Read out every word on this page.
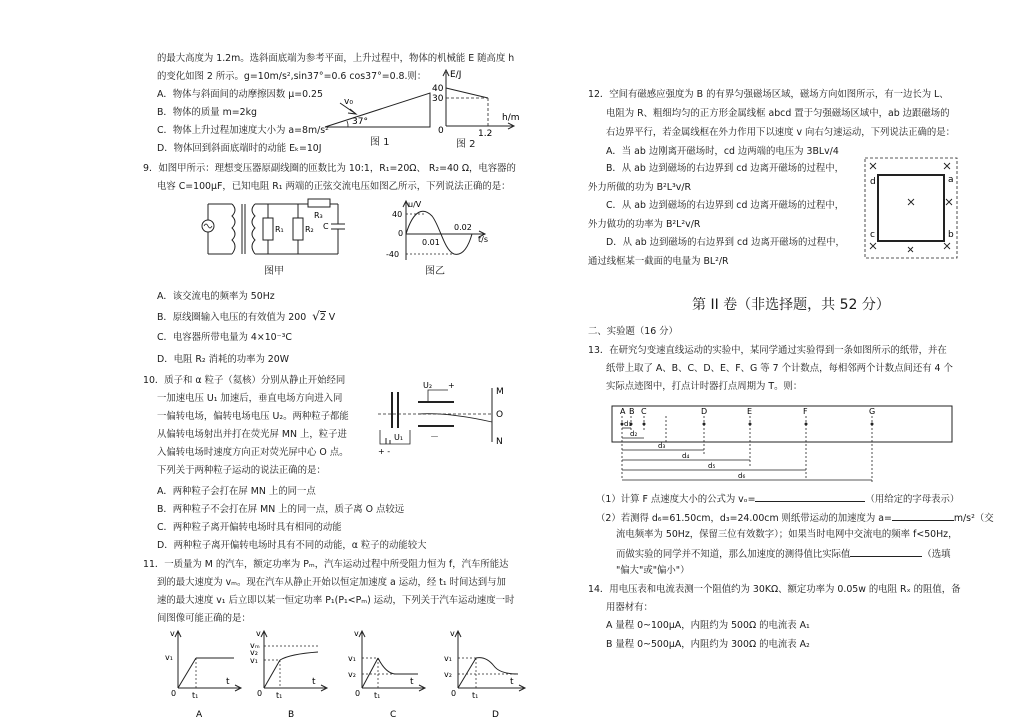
的最大高度为 1.2m。选斜面底端为参考平面，上升过程中，物体的机械能 E 随高度 h
的变化如图 2 所示。g=10m/s²,sin37°=0.6 cos37°=0.8.则：
A．物体与斜面间的动摩擦因数 μ=0.25
B．物体的质量 m=2kg
C．物体上升过程加速度大小为 a=8m/s²
D．物体回到斜面底端时的动能 Eₖ=10J
v₀
37°
图 1
E/J
40
30
0	1.2
h/m
图 2
9．如图甲所示：理想变压器原副线圈的匝数比为 10:1，R₁=20Ω、 R₂=40 Ω，电容器的
电容 C=100μF，已知电阻 R₁ 两端的正弦交流电压如图乙所示，下列说法正确的是：
R₁	R₂
R₃
C
图甲
u/V
40
-40
0
0.01
0.02
t/s
图乙
A．该交流电的频率为 50Hz
B．原线圈输入电压的有效值为 200 √2 V
C．电容器所带电量为 4×10⁻³C
D．电阻 R₂ 消耗的功率为 20W
10．质子和 α 粒子（氦核）分别从静止开始经同
一加速电压 U₁ 加速后，垂直电场方向进入同
一偏转电场，偏转电场电压 U₂。两种粒子都能
从偏转电场射出并打在荧光屏 MN 上，粒子进
入偏转电场时速度方向正对荧光屏中心 O 点。
下列关于两种粒子运动的说法正确的是：
U₂ +
－
U₁
+ -
M
O
N
A．两种粒子会打在屏 MN 上的同一点
B．两种粒子不会打在屏 MN 上的同一点，质子离 O 点较远
C．两种粒子离开偏转电场时具有相同的动能
D．两种粒子离开偏转电场时具有不同的动能，α 粒子的动能较大
11．一质量为 M 的汽车，额定功率为 Pₘ，汽车运动过程中所受阻力恒为 f，汽车所能达
到的最大速度为 vₘ。现在汽车从静止开始以恒定加速度 a 运动，经 t₁ 时间达到与加
速的最大速度 v₁ 后立即以某一恒定功率 P₁(P₁<Pₘ) 运动，下列关于汽车运动速度一时
间图像可能正确的是：
v
v₁
0 t₁
t
A
v
vₘ
v₂
v₁
0 t₁
t
B
v
v₁
v₂
0 t₁
t
C
v
v₁
v₂
0 t₁
t
D
12．空间有磁感应强度为 B 的有界匀强磁场区域，磁场方向如图所示，有一边长为 L、
电阻为 R、粗细均匀的正方形金属线框 abcd 置于匀强磁场区域中，ab 边跟磁场的
右边界平行，若金属线框在外力作用下以速度 v 向右匀速运动，下列说法正确的是：
A．当 ab 边刚离开磁场时，cd 边两端的电压为 3BLv/4
B．从 ab 边到磁场的右边界到 cd 边离开磁场的过程中，
外力所做的功为 B²L³v/R
C．从 ab 边到磁场的右边界到 cd 边离开磁场的过程中，
外力做功的功率为 B²L²v/R
D．从 ab 边到磁场的右边界到 cd 边离开磁场的过程中，
通过线框某一截面的电量为 BL²/R
d	a
c	b
第 II 卷（非选择题，共 52 分）
二、实验题（16 分）
13．在研究匀变速直线运动的实验中，某同学通过实验得到一条如图所示的纸带，并在
纸带上取了 A、B、C、D、E、F、G 等 7 个计数点，每相邻两个计数点间还有 4 个
实际点迹图中，打点计时器打点周期为 T。则：
A B C	D	E	F	G
d₁
d₂
d₃
d₄
d₅
d₆
（1）计算 F 点速度大小的公式为 vₒ=	（用给定的字母表示）
（2）若测得 d₆=61.50cm，d₃=24.00cm 则纸带运动的加速度为 a=	m/s²（交
流电频率为 50Hz，保留三位有效数字）；如果当时电网中交流电的频率 f<50Hz，
而做实验的同学并不知道，那么加速度的测得值比实际值	（选填
"偏大"或"偏小"）
14．用电压表和电流表测一个阻值约为 30KΩ、额定功率为 0.05w 的电阻 Rₓ 的阻值，备
用器材有：
A 量程 0~100μA，内阻约为 500Ω 的电流表 A₁
B 量程 0~500μA，内阻约为 300Ω 的电流表 A₂
